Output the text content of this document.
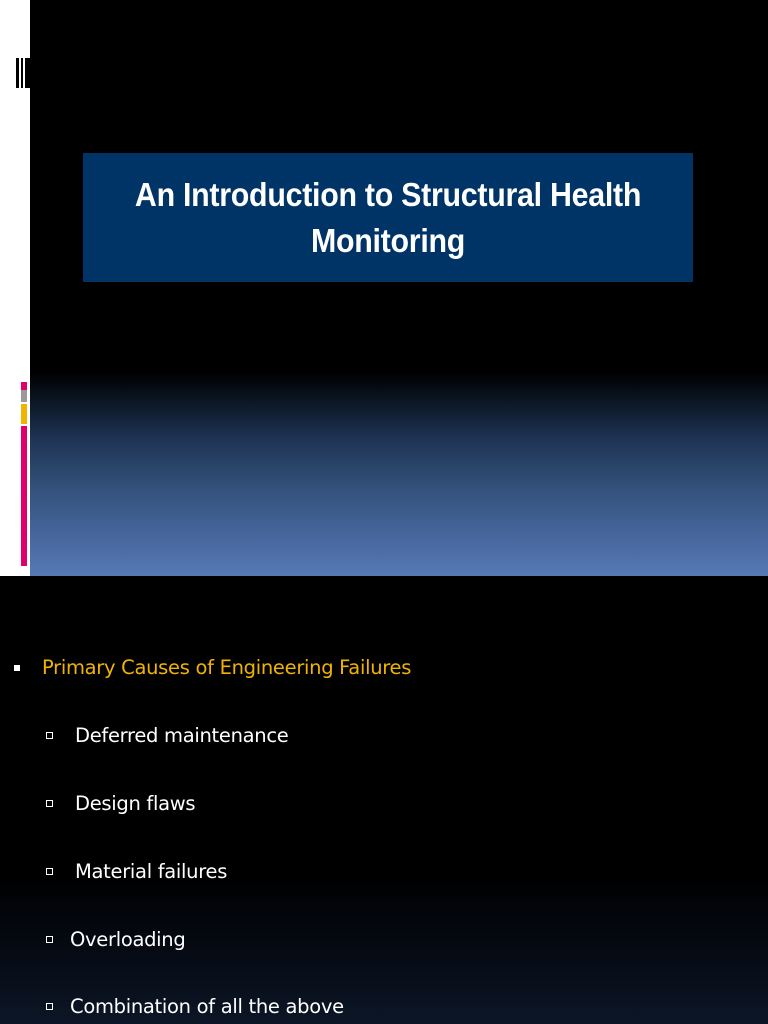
An Introduction to Structural Health Monitoring
Primary Causes of Engineering Failures
Deferred maintenance
Design flaws
Material failures
Overloading
Combination of all the above
